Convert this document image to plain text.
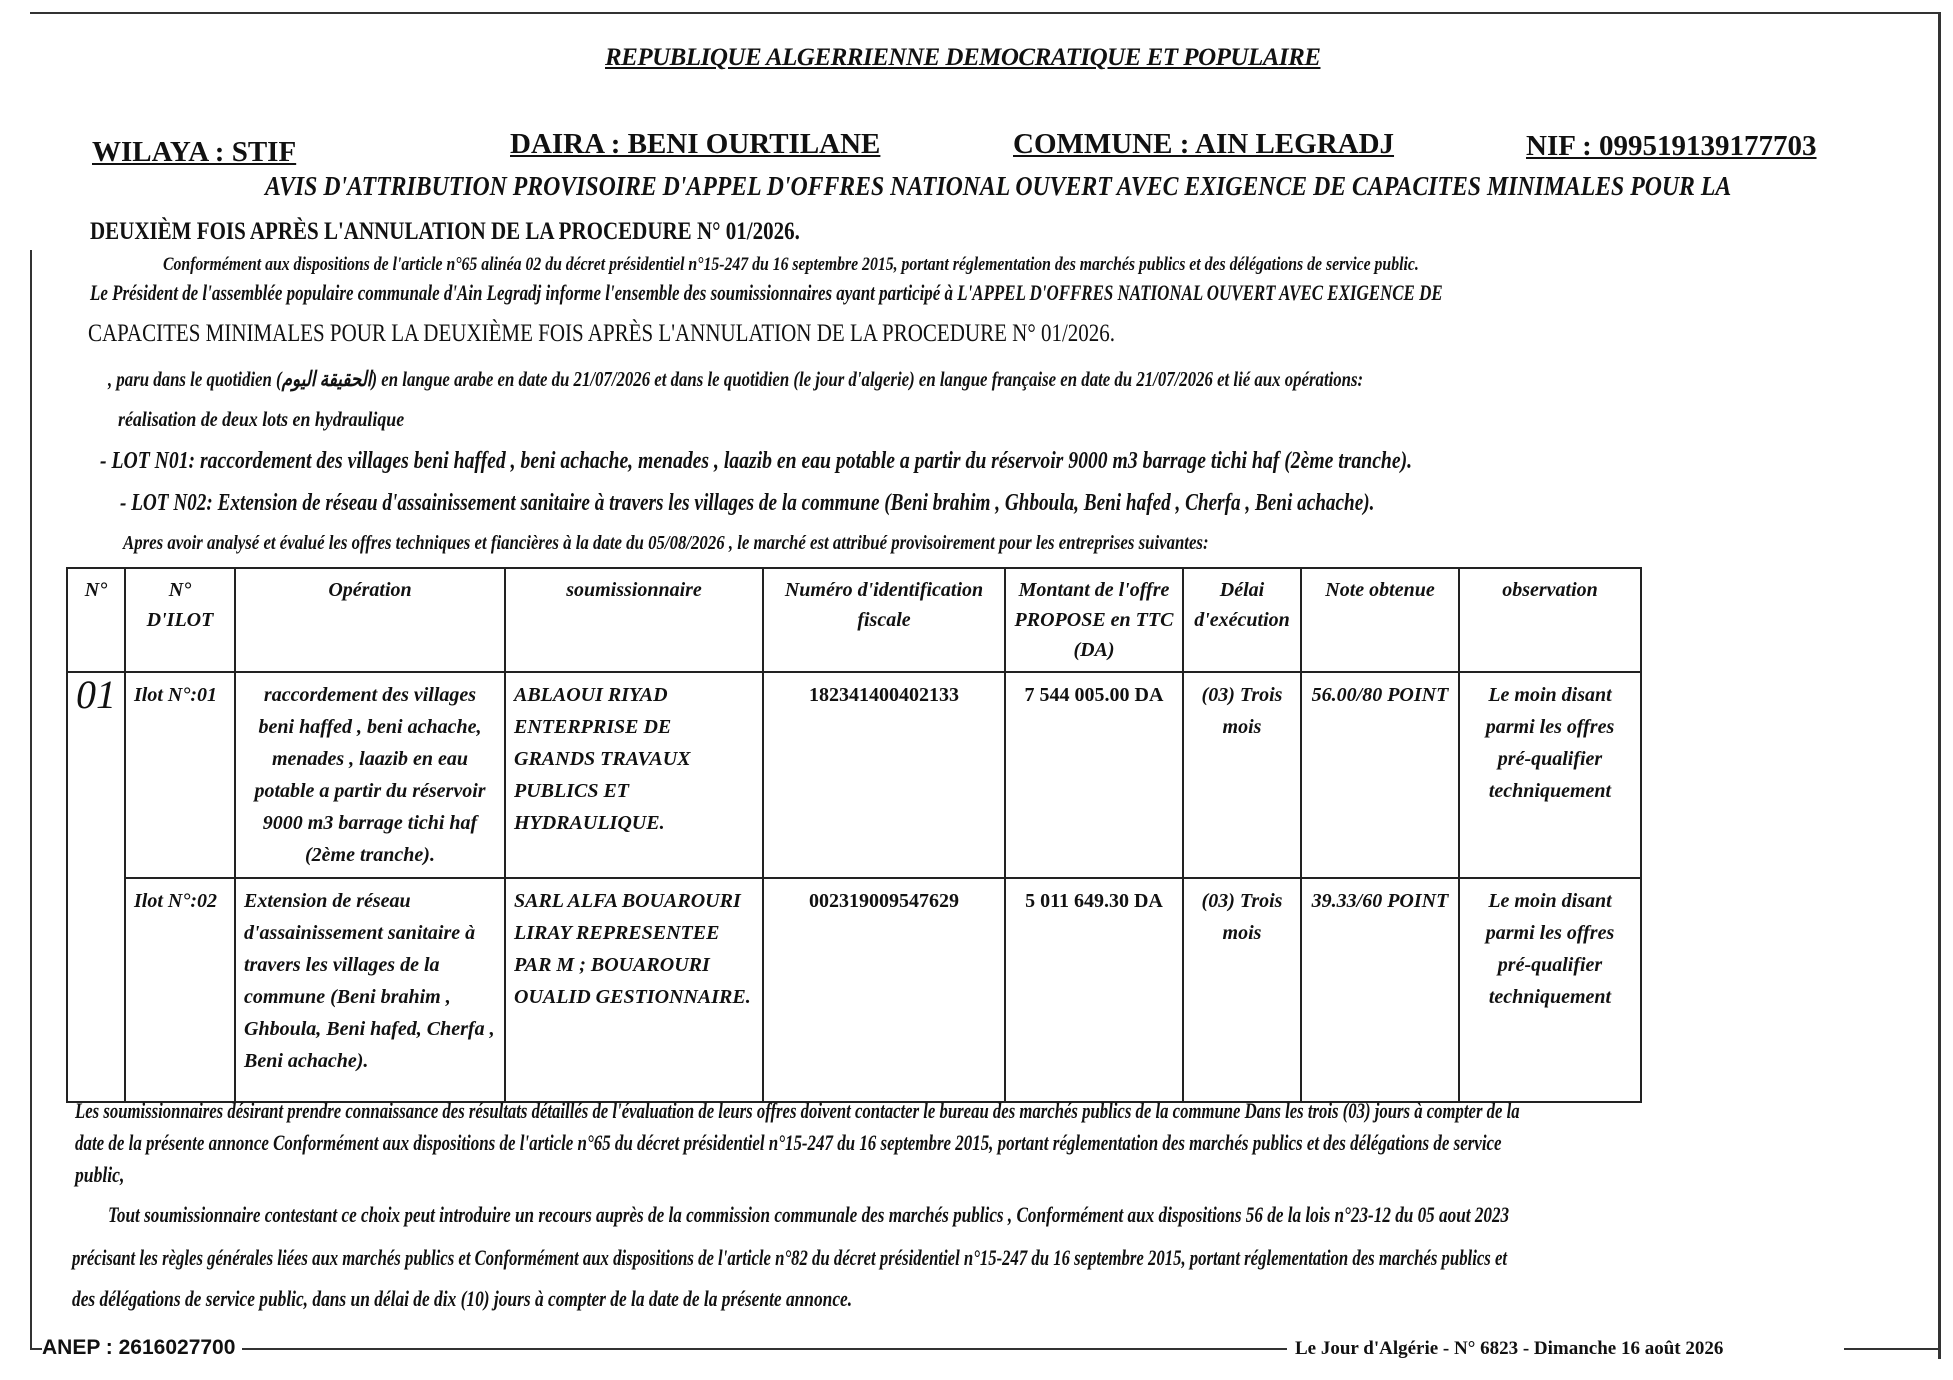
REPUBLIQUE ALGERRIENNE DEMOCRATIQUE ET POPULAIRE
WILAYA : STIF	DAIRA : BENI OURTILANE	COMMUNE : AIN LEGRADJ	NIF : 099519139177703
AVIS D'ATTRIBUTION PROVISOIRE D'APPEL D'OFFRES NATIONAL OUVERT AVEC EXIGENCE DE CAPACITES MINIMALES POUR LA
DEUXIÈM FOIS APRÈS L'ANNULATION DE LA PROCEDURE N° 01/2026.
Conformément aux dispositions de l'article n°65 alinéa 02 du décret présidentiel n°15-247 du 16 septembre 2015, portant réglementation des marchés publics et des délégations de service public.
Le Président de l'assemblée populaire communale d'Ain Legradj informe l'ensemble des soumissionnaires ayant participé à L'APPEL D'OFFRES NATIONAL OUVERT AVEC EXIGENCE DE
CAPACITES MINIMALES POUR LA DEUXIÈME FOIS APRÈS L'ANNULATION DE LA PROCEDURE N° 01/2026.
, paru dans le quotidien (الحقيقة اليوم) en langue arabe en date du 21/07/2026 et dans le quotidien (le jour d'algerie) en langue française en date du 21/07/2026 et lié aux opérations:
réalisation de deux lots en hydraulique
- LOT N01: raccordement des villages beni haffed , beni achache, menades , laazib en eau potable a partir du réservoir 9000 m3 barrage tichi haf (2ème tranche).
- LOT N02: Extension de réseau d'assainissement sanitaire à travers les villages de la commune (Beni brahim , Ghboula, Beni hafed , Cherfa , Beni achache).
Apres avoir analysé et évalué les offres techniques et fiancières à la date du 05/08/2026 , le marché est attribué provisoirement pour les entreprises suivantes:
N°	N° D'ILOT	Opération	soumissionnaire	Numéro d'identification fiscale	Montant de l'offre PROPOSE en TTC (DA)	Délai d'exécution	Note obtenue	observation
01	Ilot N°:01	raccordement des villages beni haffed , beni achache, menades , laazib en eau potable a partir du réservoir 9000 m3 barrage tichi haf (2ème tranche).	ABLAOUI RIYAD ENTERPRISE DE GRANDS TRAVAUX PUBLICS ET HYDRAULIQUE.	182341400402133	7 544 005.00 DA	(03) Trois mois	56.00/80 POINT	Le moin disant parmi les offres pré-qualifier techniquement
	Ilot N°:02	Extension de réseau d'assainissement sanitaire à travers les villages de la commune (Beni brahim , Ghboula, Beni hafed, Cherfa , Beni achache).	SARL ALFA BOUAROURI LIRAY REPRESENTEE PAR M ; BOUAROURI OUALID GESTIONNAIRE.	002319009547629	5 011 649.30 DA	(03) Trois mois	39.33/60 POINT	Le moin disant parmi les offres pré-qualifier techniquement
Les soumissionnaires désirant prendre connaissance des résultats détaillés de l'évaluation de leurs offres doivent contacter le bureau des marchés publics de la commune Dans les trois (03) jours à compter de la
date de la présente annonce Conformément aux dispositions de l'article n°65 du décret présidentiel n°15-247 du 16 septembre 2015, portant réglementation des marchés publics et des délégations de service
public,
Tout soumissionnaire contestant ce choix peut introduire un recours auprès de la commission communale des marchés publics , Conformément aux dispositions 56 de la lois n°23-12 du 05 aout 2023
précisant les règles générales liées aux marchés publics et Conformément aux dispositions de l'article n°82 du décret présidentiel n°15-247 du 16 septembre 2015, portant réglementation des marchés publics et
des délégations de service public, dans un délai de dix (10) jours à compter de la date de la présente annonce.
ANEP : 2616027700	Le Jour d'Algérie - N° 6823 - Dimanche 16 août 2026
